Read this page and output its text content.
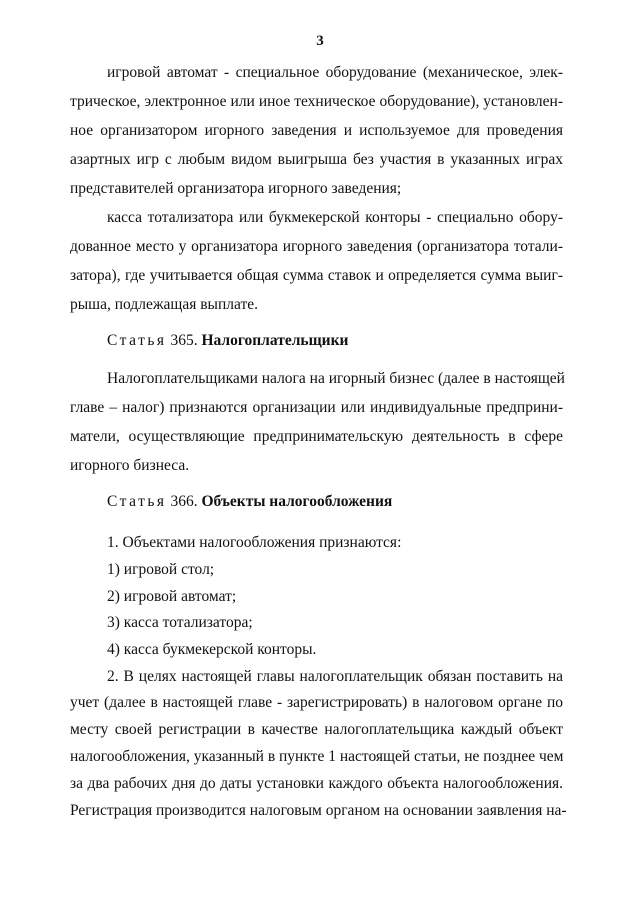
3
игровой автомат - специальное оборудование (механическое, элек-
трическое, электронное или иное техническое оборудование), установлен-
ное организатором игорного заведения и используемое для проведения
азартных игр с любым видом выигрыша без участия в указанных играх
представителей организатора игорного заведения;
касса тотализатора или букмекерской конторы - специально обору-
дованное место у организатора игорного заведения (организатора тотали-
затора), где учитывается общая сумма ставок и определяется сумма выиг-
рыша, подлежащая выплате.
Статья 365. Налогоплательщики
Налогоплательщиками налога на игорный бизнес (далее в настоящей
главе – налог) признаются организации или индивидуальные предприни-
матели, осуществляющие предпринимательскую деятельность в сфере
игорного бизнеса.
Статья 366. Объекты налогообложения
1. Объектами налогообложения признаются:
1) игровой стол;
2) игровой автомат;
3) касса тотализатора;
4) касса букмекерской конторы.
2. В целях настоящей главы налогоплательщик обязан поставить на
учет (далее в настоящей главе - зарегистрировать) в налоговом органе по
месту своей регистрации в качестве налогоплательщика каждый объект
налогообложения, указанный в пункте 1 настоящей статьи, не позднее чем
за два рабочих дня до даты установки каждого объекта налогообложения.
Регистрация производится налоговым органом на основании заявления на-
